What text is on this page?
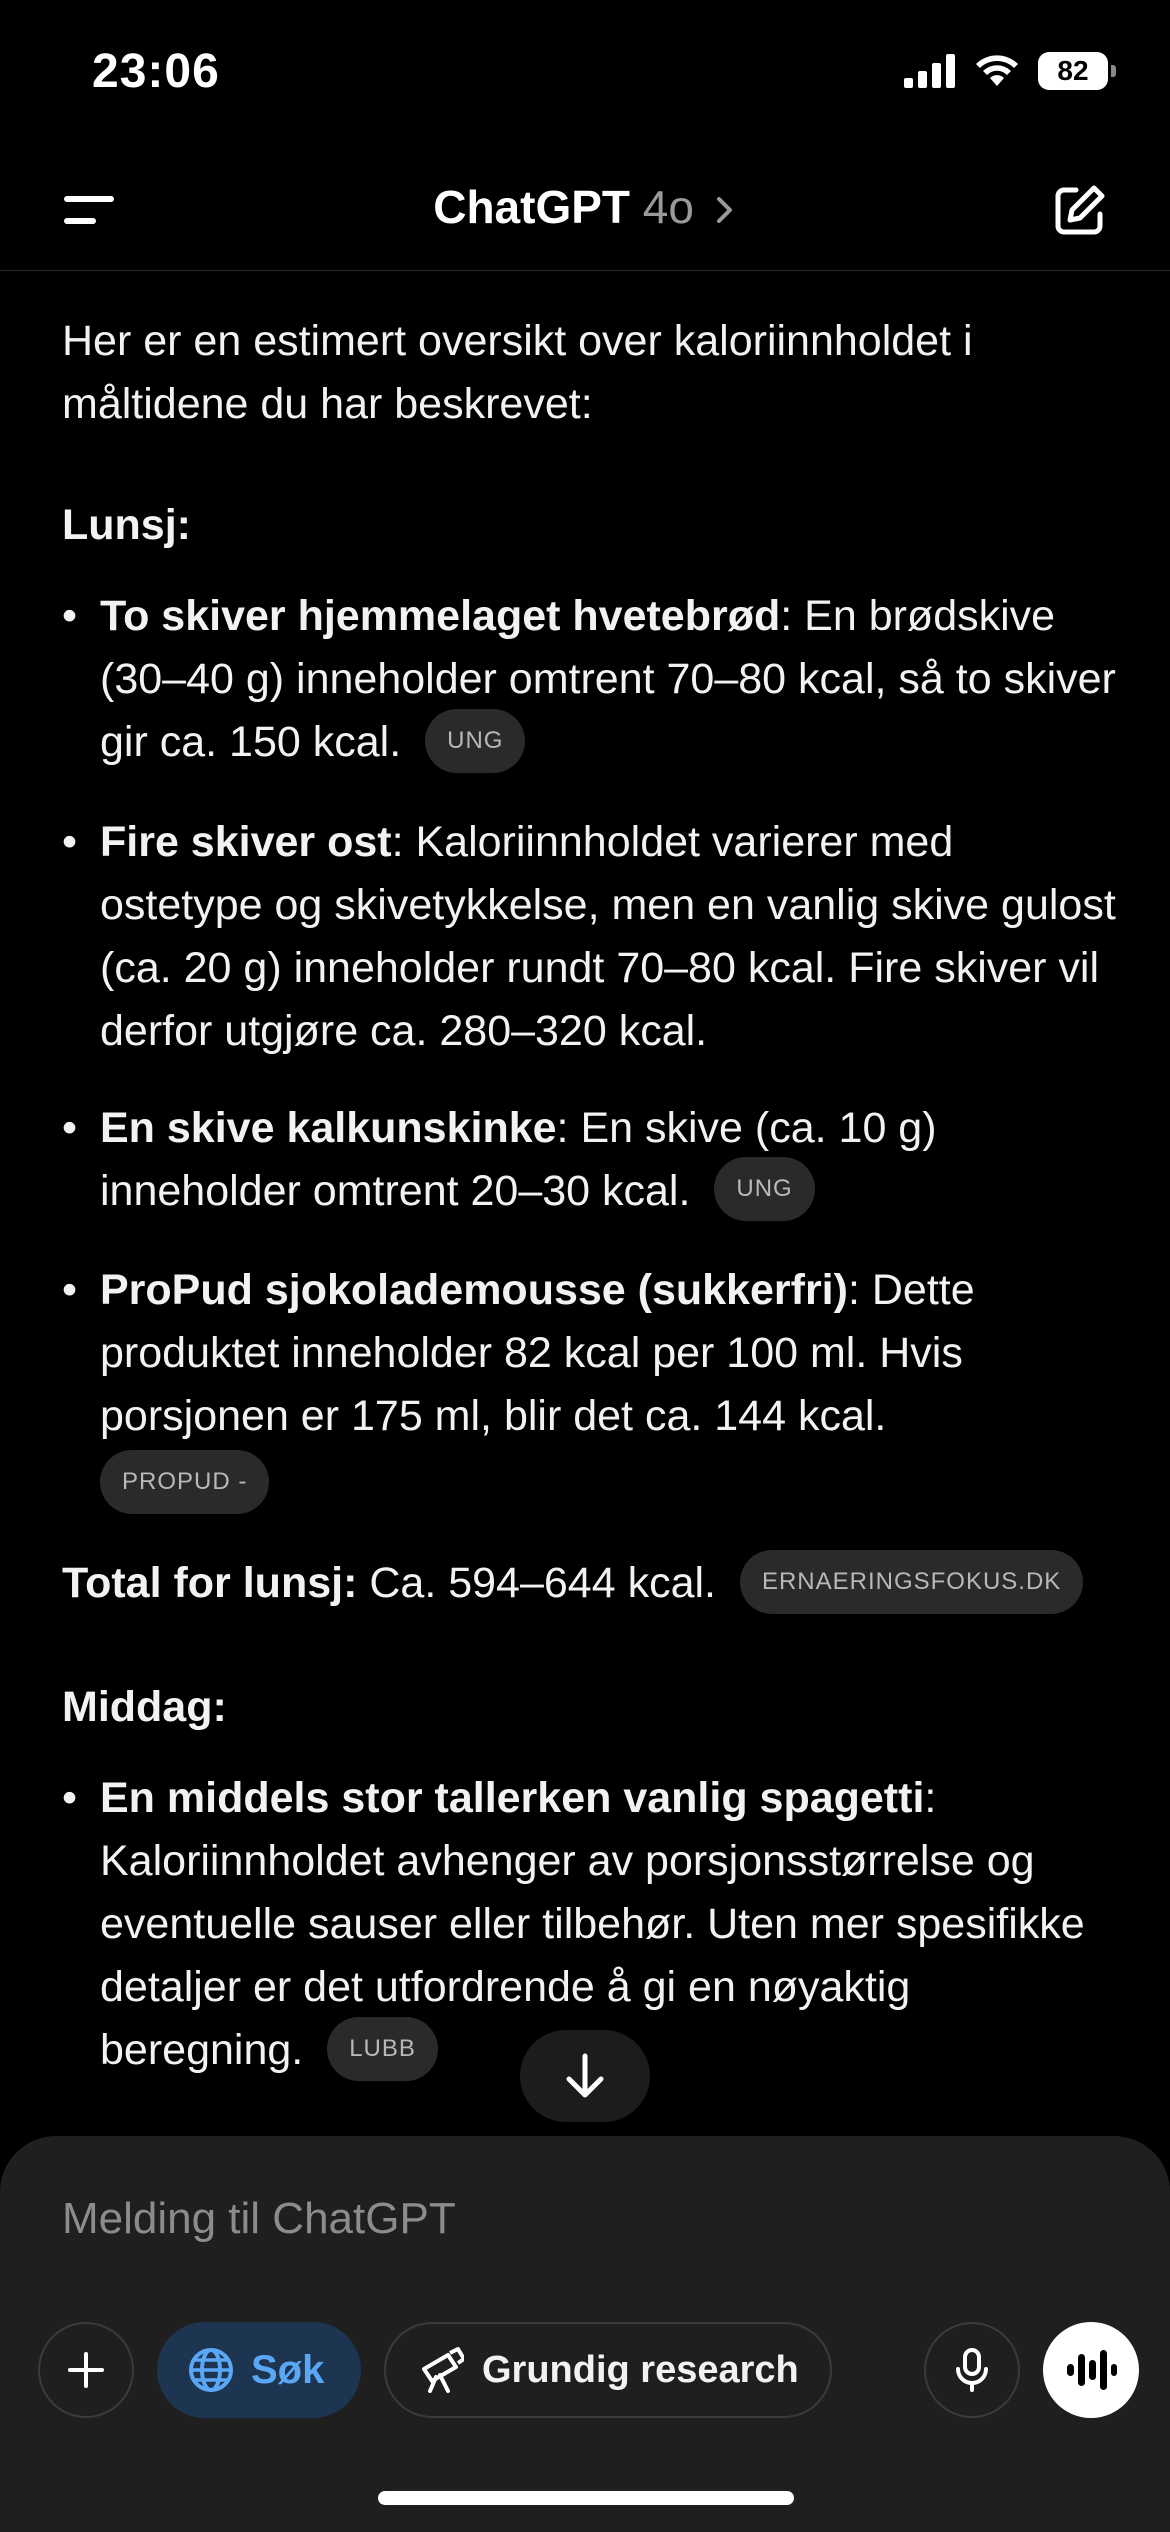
23:06	82
ChatGPT 4o

Her er en estimert oversikt over kaloriinnholdet i måltidene du har beskrevet:

Lunsj:
• To skiver hjemmelaget hvetebrød: En brødskive (30–40 g) inneholder omtrent 70–80 kcal, så to skiver gir ca. 150 kcal. UNG
• Fire skiver ost: Kaloriinnholdet varierer med ostetype og skivetykkelse, men en vanlig skive gulost (ca. 20 g) inneholder rundt 70–80 kcal. Fire skiver vil derfor utgjøre ca. 280–320 kcal.
• En skive kalkunskinke: En skive (ca. 10 g) inneholder omtrent 20–30 kcal. UNG
• ProPud sjokolademousse (sukkerfri): Dette produktet inneholder 82 kcal per 100 ml. Hvis porsjonen er 175 ml, blir det ca. 144 kcal.
PROPUD -
Total for lunsj: Ca. 594–644 kcal. ERNAERINGSFOKUS.DK
Middag:
• En middels stor tallerken vanlig spagetti: Kaloriinnholdet avhenger av porsjonsstørrelse og eventuelle sauser eller tilbehør. Uten mer spesifikke detaljer er det utfordrende å gi en nøyaktig beregning. LUBB
Melding til ChatGPT
Søk	Grundig research
